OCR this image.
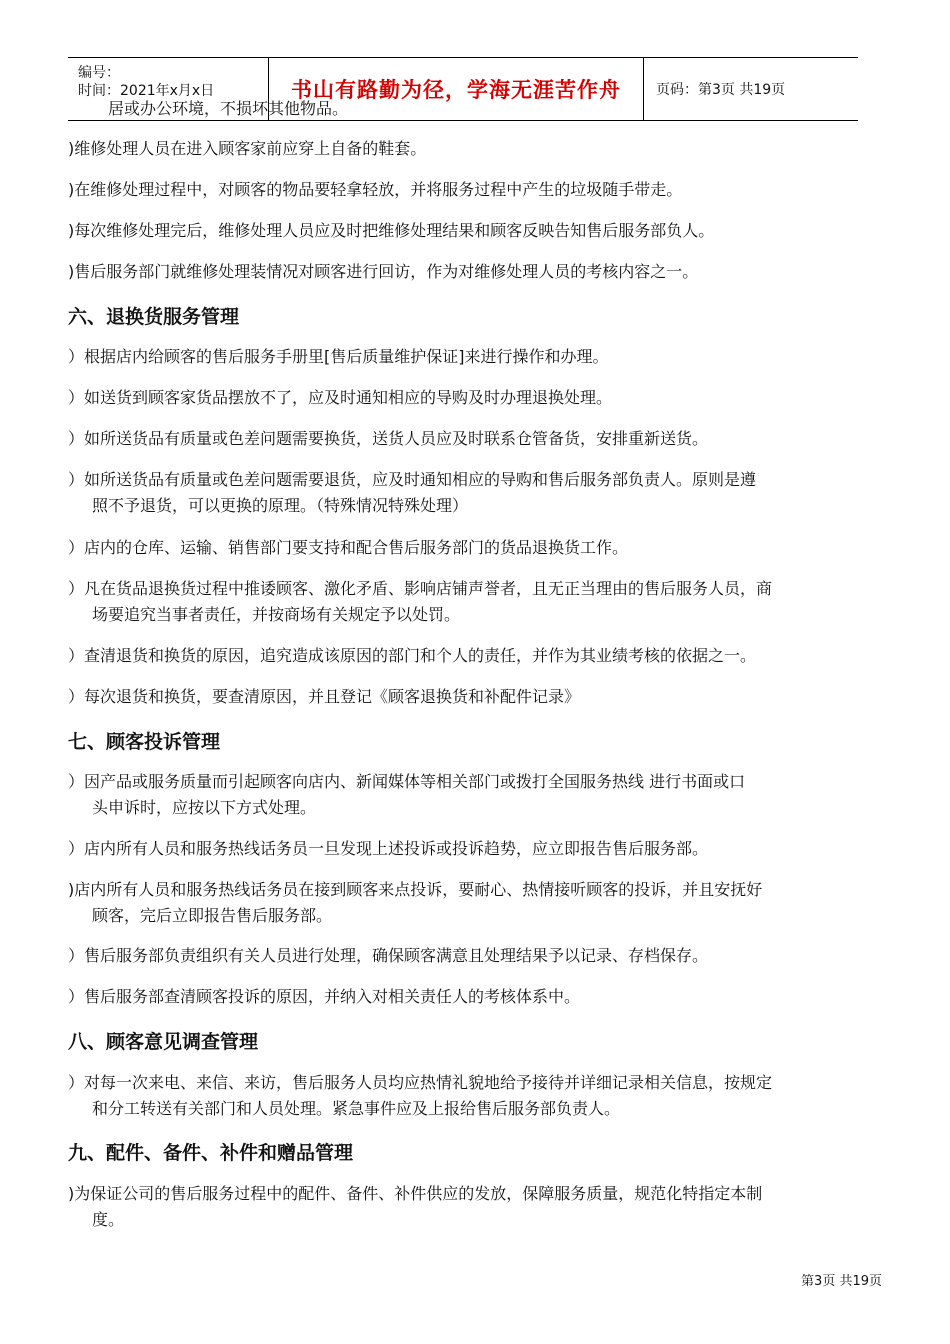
编号：
时间：2021年x月x日	书山有路勤为径，学海无涯苦作舟	页码：第3页 共19页
居或办公环境，不损坏其他物品。
)维修处理人员在进入顾客家前应穿上自备的鞋套。
)在维修处理过程中，对顾客的物品要轻拿轻放，并将服务过程中产生的垃圾随手带走。
)每次维修处理完后，维修处理人员应及时把维修处理结果和顾客反映告知售后服务部负人。
)售后服务部门就维修处理装情况对顾客进行回访，作为对维修处理人员的考核内容之一。
六、退换货服务管理
）根据店内给顾客的售后服务手册里[售后质量维护保证]来进行操作和办理。
）如送货到顾客家货品摆放不了，应及时通知相应的导购及时办理退换处理。
）如所送货品有质量或色差问题需要换货，送货人员应及时联系仓管备货，安排重新送货。
）如所送货品有质量或色差问题需要退货，应及时通知相应的导购和售后服务部负责人。原则是遵
照不予退货，可以更换的原理。（特殊情况特殊处理）
）店内的仓库、运输、销售部门要支持和配合售后服务部门的货品退换货工作。
）凡在货品退换货过程中推诿顾客、激化矛盾、影响店铺声誉者，且无正当理由的售后服务人员，商
场要追究当事者责任，并按商场有关规定予以处罚。
）查清退货和换货的原因，追究造成该原因的部门和个人的责任，并作为其业绩考核的依据之一。
）每次退货和换货，要查清原因，并且登记《顾客退换货和补配件记录》
七、顾客投诉管理
）因产品或服务质量而引起顾客向店内、新闻媒体等相关部门或拨打全国服务热线 进行书面或口
头申诉时，应按以下方式处理。
）店内所有人员和服务热线话务员一旦发现上述投诉或投诉趋势，应立即报告售后服务部。
)店内所有人员和服务热线话务员在接到顾客来点投诉，要耐心、热情接听顾客的投诉，并且安抚好
顾客，完后立即报告售后服务部。
）售后服务部负责组织有关人员进行处理，确保顾客满意且处理结果予以记录、存档保存。
）售后服务部查清顾客投诉的原因，并纳入对相关责任人的考核体系中。
八、顾客意见调查管理
）对每一次来电、来信、来访，售后服务人员均应热情礼貌地给予接待并详细记录相关信息，按规定
和分工转送有关部门和人员处理。紧急事件应及上报给售后服务部负责人。
九、配件、备件、补件和赠品管理
)为保证公司的售后服务过程中的配件、备件、补件供应的发放，保障服务质量，规范化特指定本制
度。
第3页 共19页
